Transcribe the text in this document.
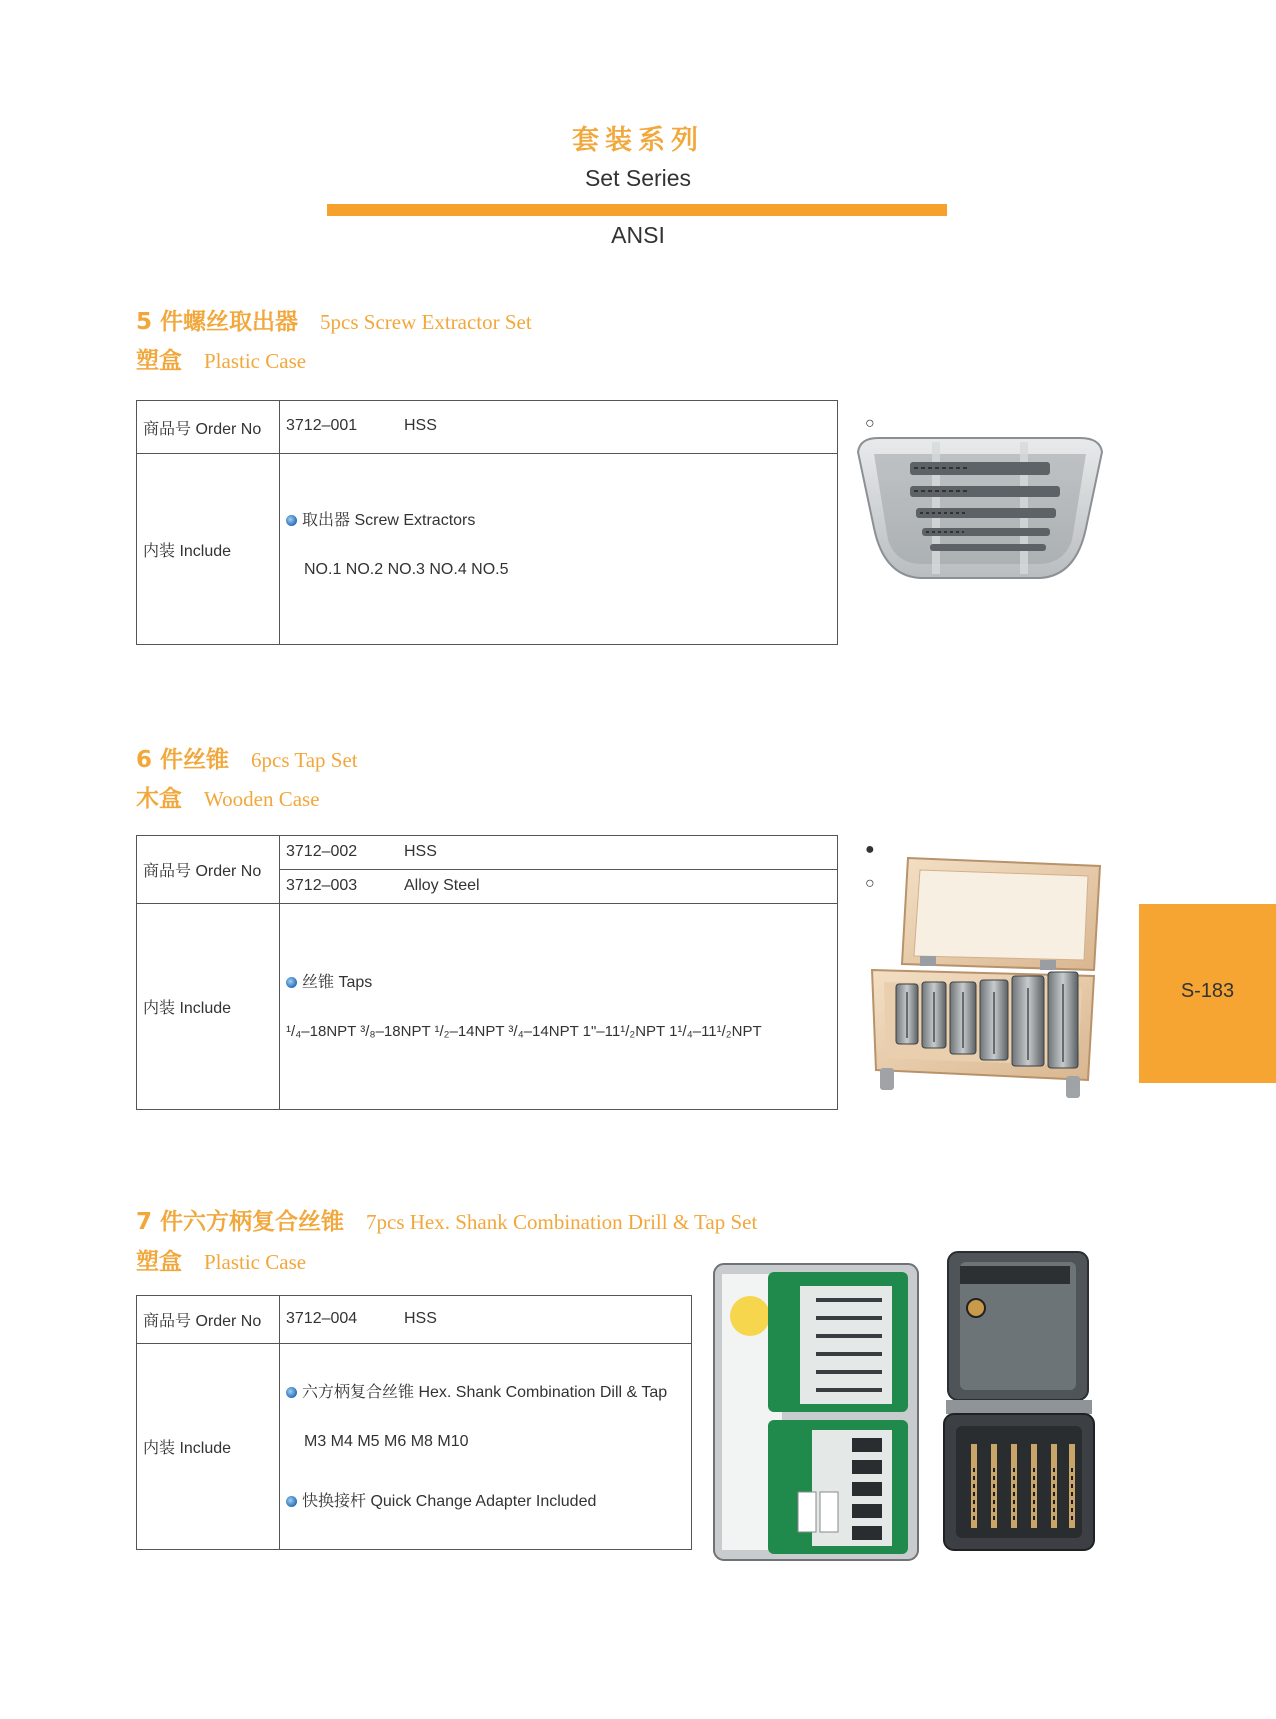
套装系列
Set Series
ANSI
5 件螺丝取出器 5pcs Screw Extractor Set
塑盒 Plastic Case
商品号 Order No	3712–001 HSS ○

内装 Include	取出器 Screw Extractors
NO.1 NO.2 NO.3 NO.4 NO.5
6 件丝锥 6pcs Tap Set
木盒 Wooden Case
商品号 Order No	3712–002 HSS ●

	3712–003 Alloy Steel ○

内装 Include	丝锥 Taps
¹/₄–18NPT ³/₈–18NPT ¹/₂–14NPT ³/₄–14NPT 1"–11¹/₂NPT 1¹/₄–11¹/₂NPT
7 件六方柄复合丝锥 7pcs Hex. Shank Combination Drill & Tap Set
塑盒 Plastic Case
商品号 Order No	3712–004 HSS

内装 Include	六方柄复合丝锥 Hex. Shank Combination Dill & Tap
M3 M4 M5 M6 M8 M10
快换接杆 Quick Change Adapter Included
S-183
